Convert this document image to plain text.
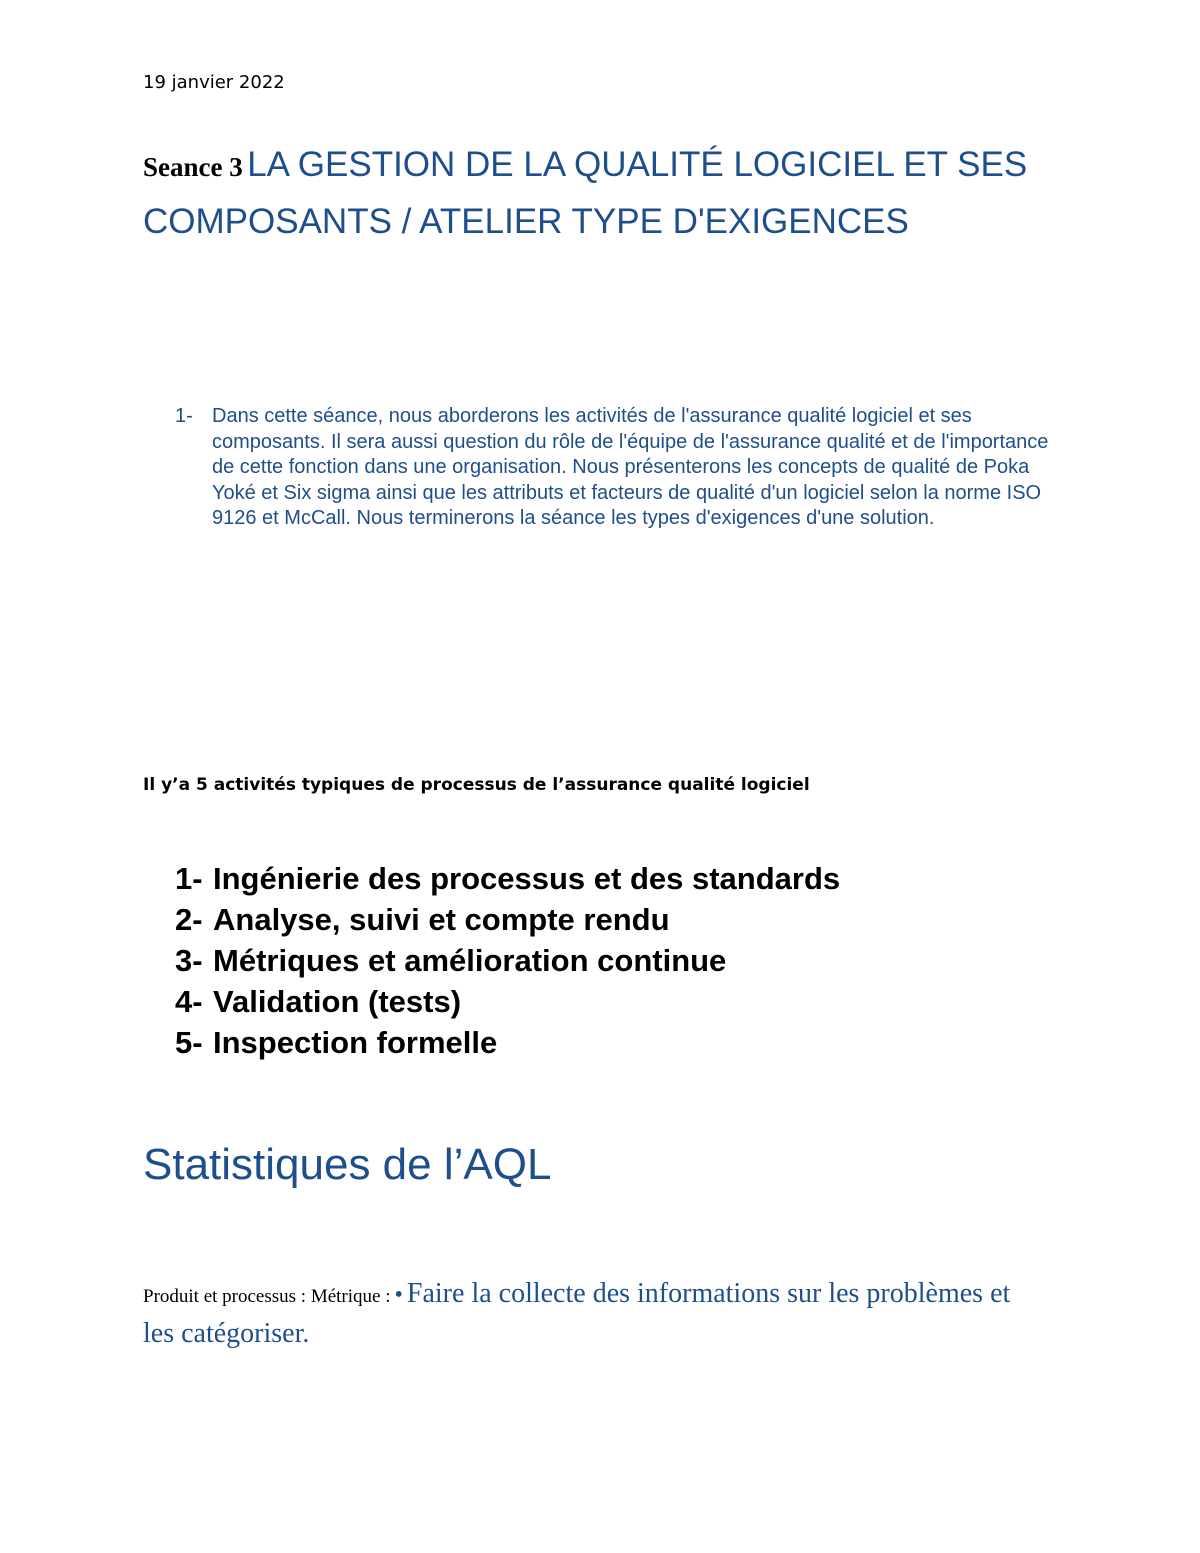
19 janvier 2022
Seance 3 LA GESTION DE LA QUALITÉ LOGICIEL ET SES COMPOSANTS / ATELIER TYPE D'EXIGENCES
1- Dans cette séance, nous aborderons les activités de l'assurance qualité logiciel et ses composants. Il sera aussi question du rôle de l'équipe de l'assurance qualité et de l'importance de cette fonction dans une organisation. Nous présenterons les concepts de qualité de Poka Yoké et Six sigma ainsi que les attributs et facteurs de qualité d'un logiciel selon la norme ISO 9126 et McCall. Nous terminerons la séance les types d'exigences d'une solution.
Il y’a 5 activités typiques de processus de l’assurance qualité logiciel
1- Ingénierie des processus et des standards
2- Analyse, suivi et compte rendu
3- Métriques et amélioration continue
4- Validation (tests)
5- Inspection formelle
Statistiques de l’AQL
Produit et processus : Métrique : • Faire la collecte des informations sur les problèmes et les catégoriser.
